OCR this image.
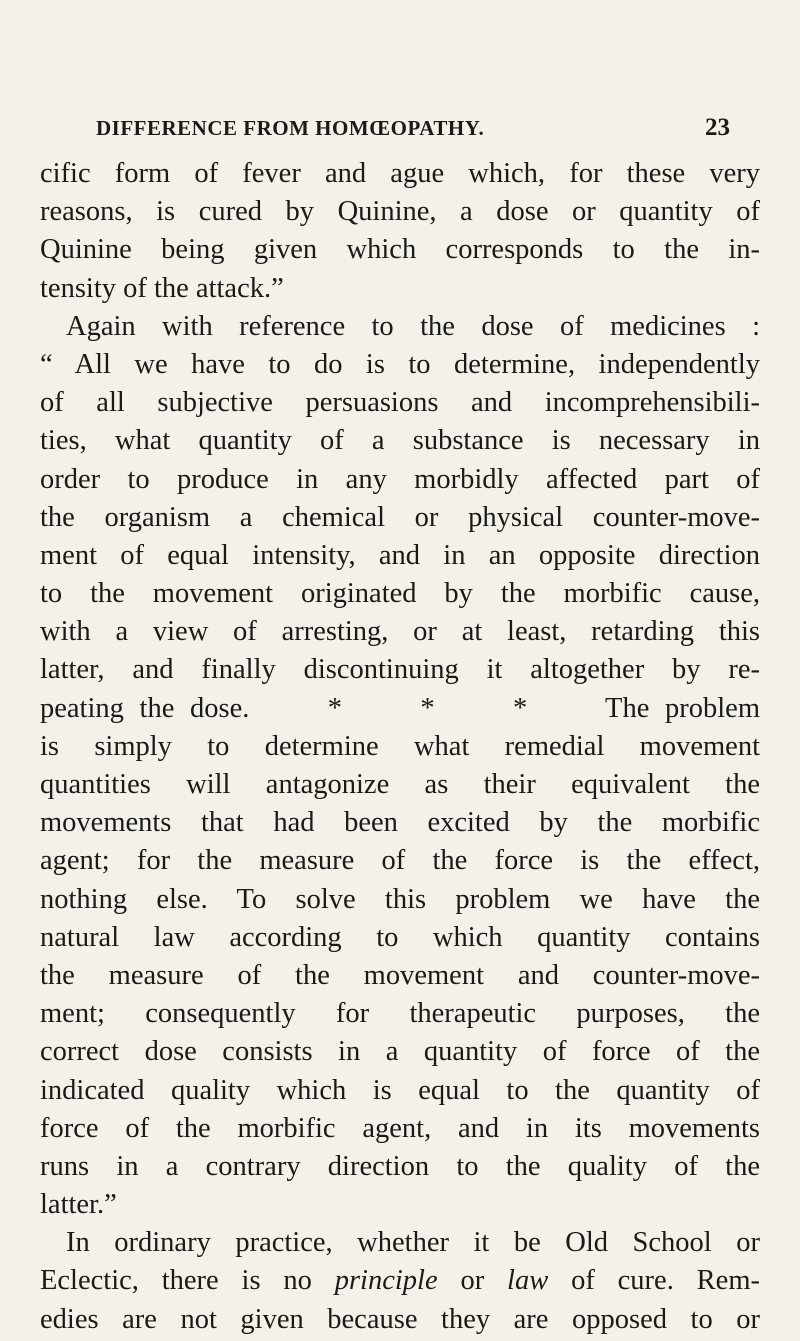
DIFFERENCE FROM HOMŒOPATHY.	23
cific form of fever and ague which, for these very
reasons, is cured by Quinine, a dose or quantity of
Quinine being given which corresponds to the in-
tensity of the attack.”
Again with reference to the dose of medicines :
“ All we have to do is to determine, independently
of all subjective persuasions and incomprehensibili-
ties, what quantity of a substance is necessary in
order to produce in any morbidly affected part of
the organism a chemical or physical counter-move-
ment of equal intensity, and in an opposite direction
to the movement originated by the morbific cause,
with a view of arresting, or at least, retarding this
latter, and finally discontinuing it altogether by re-
peating the dose.     *     *     *     The problem
is simply to determine what remedial movement
quantities will antagonize as their equivalent the
movements that had been excited by the morbific
agent; for the measure of the force is the effect,
nothing else. To solve this problem we have the
natural law according to which quantity contains
the measure of the movement and counter-move-
ment; consequently for therapeutic purposes, the
correct dose consists in a quantity of force of the
indicated quality which is equal to the quantity of
force of the morbific agent, and in its movements
runs in a contrary direction to the quality of the
latter.”
In ordinary practice, whether it be Old School or
Eclectic, there is no principle or law of cure. Rem-
edies are not given because they are opposed to or
